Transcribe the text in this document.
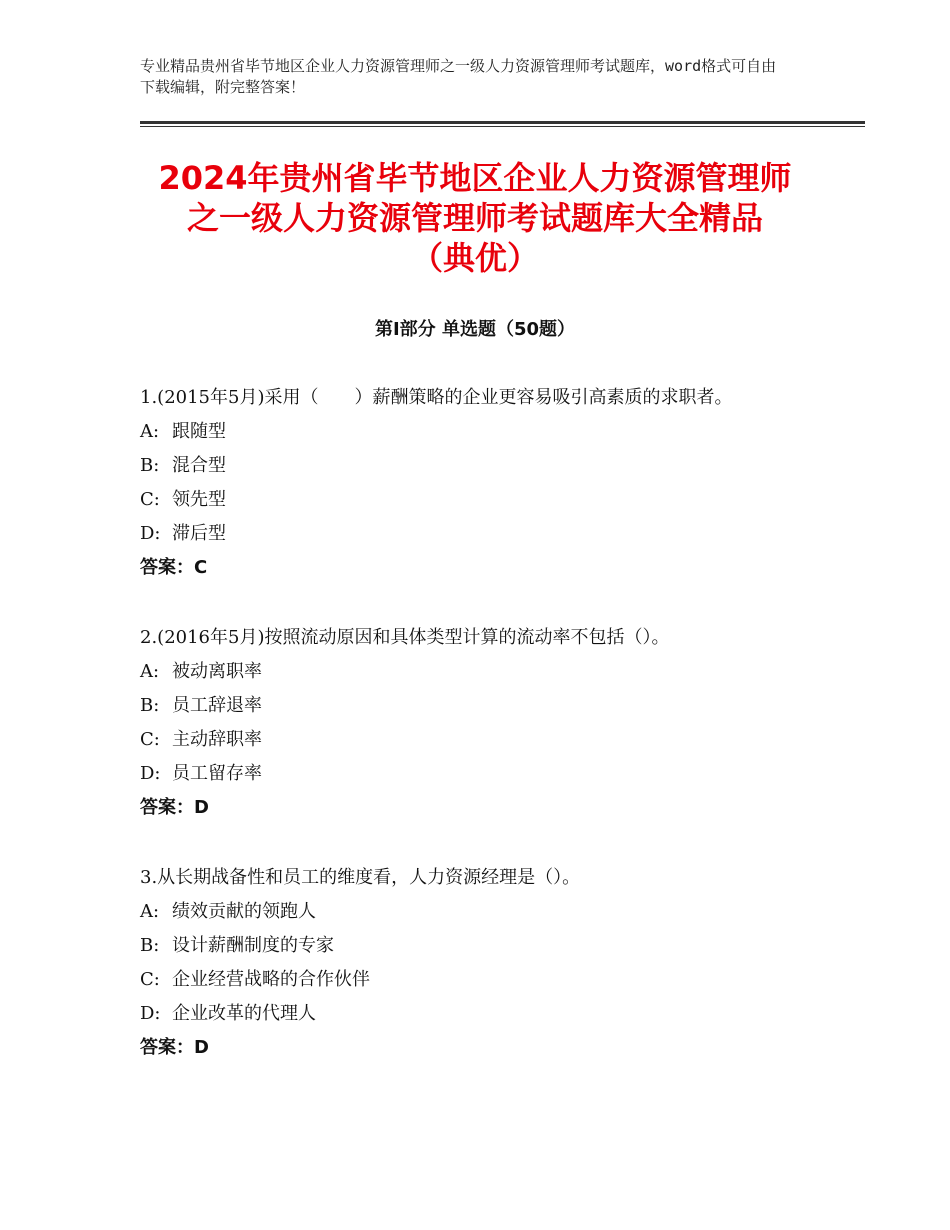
专业精品贵州省毕节地区企业人力资源管理师之一级人力资源管理师考试题库，word格式可自由下载编辑，附完整答案！
2024年贵州省毕节地区企业人力资源管理师
之一级人力资源管理师考试题库大全精品
（典优）
第Ⅰ部分 单选题（50题）
1.(2015年5月)采用（　　）薪酬策略的企业更容易吸引高素质的求职者。
A: 跟随型
B: 混合型
C: 领先型
D: 滞后型
答案：C
2.(2016年5月)按照流动原因和具体类型计算的流动率不包括（）。
A: 被动离职率
B: 员工辞退率
C: 主动辞职率
D: 员工留存率
答案：D
3.从长期战备性和员工的维度看，人力资源经理是（）。
A: 绩效贡献的领跑人
B: 设计薪酬制度的专家
C: 企业经营战略的合作伙伴
D: 企业改革的代理人
答案：D
